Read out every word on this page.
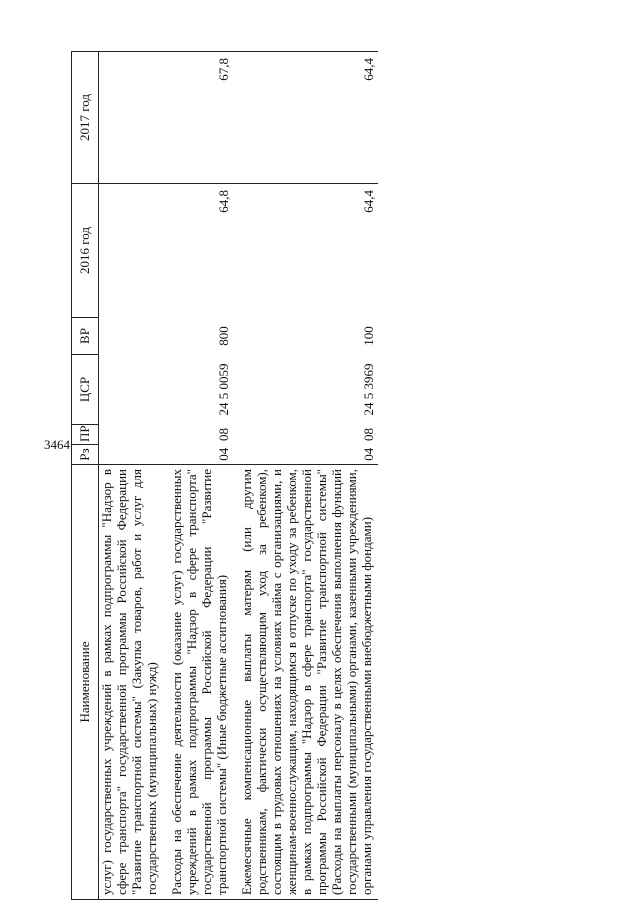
3464
Наименование	Рз	ПР	ЦСР	ВР	2016 год	2017 год
услуг) государственных учреждений в рамках подпрограммы "Надзор в сфере транспорта" государственной программы Российской Федерации "Развитие транспортной системы" (Закупка товаров, работ и услуг для государственных (муниципальных) нужд)						
Расходы на обеспечение деятельности (оказание услуг) государственных учреждений в рамках подпрограммы "Надзор в сфере транспорта" государственной программы Российской Федерации "Развитие транспортной системы" (Иные бюджетные ассигнования)	04	08	24 5 0059	800	64,8	67,8
Ежемесячные компенсационные выплаты матерям (или другим родственникам, фактически осуществляющим уход за ребенком), состоящим в трудовых отношениях на условиях найма с организациями, и женщинам-военнослужащим, находящимся в отпуске по уходу за ребенком, в рамках подпрограммы "Надзор в сфере транспорта" государственной программы Российской Федерации "Развитие транспортной системы" (Расходы на выплаты персоналу в целях обеспечения выполнения функций государственными (муниципальными) органами, казенными учреждениями, органами управления государственными внебюджетными фондами)	04	08	24 5 3969	100	64,4	64,4
